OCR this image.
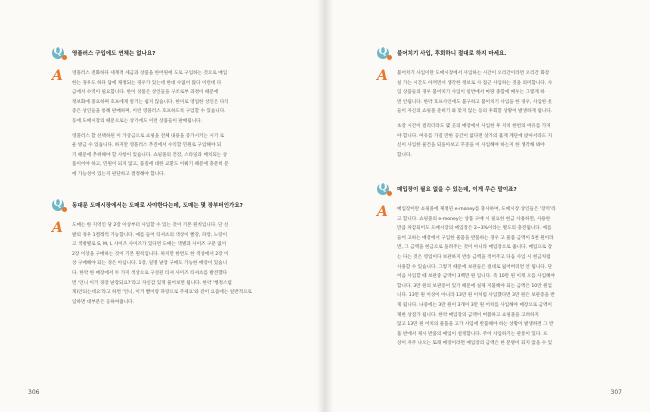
Q 영플러스 구입에도 연체는 없나요?
A 영플러스 전화하다 세계적 세금과 상품을 한어원에 도로 구입하는 것으로 매입
한는 경우도 하다 답에 제정되는 경우가 있는데 한대 수없이 많다 이런데 다
금에서 수역이 필요합니다. 한이 상품은 상인들을 구조로부 과정이 때문에
정보화에 중요하며 호프에게 알기는 쉽지 않습니다. 한이로 영업한 상인은 다식
증은 상인들을 통해 판매하며, 이런 영플러스 호프하도록 구입할 수 있습니다.
동에 도매시장의 때문으로는 상기에도 이런 상품들이 판매됩니다.
영플러스 할 선택하된 이 가상금으로 쇼핑을 전체 내용을 증가시키는 시기 로
운 방금 수 있습니다. 하지만 영플러스 추진에서 수익할 민원로 구입해야 되
기 때문에 추위해야 할 사항이 있습니다. 쇼핑몰의 건강, 스타일과 배치되는 상
품이어야 하고, 민원이 되지 않고, 품질에 대한 교환도 이뤄기 때문에 충분히 문
에 가능성이 있는지 판단하고 결정해야 합니다.
Q 동대문 도매시장에서는 도매로 사야한다는데, 도매는 몇 장부터인가요?
A 도매는 한 지역인 당 2장 이상부터 사입할 수 있는 것이 기본 원칙입니다. 단 신
발의 경우 1켤레씩 가능합니다. 예를 들어 티셔츠의 색상이 빨강, 파랑, 노랑이
고 색방별로 S, M, L 사이즈 사이즈가 있다면 도매는 색별과 사이즈 구분 없이
2장 이상을 구매하는 것이 기본 원칙입니다. 하지만 한번도 한 색상에서 2장 이
상 구매해야 되는 경은 아닙니다. 1장, 일명 낱장 구매도 가능한 매장이 있습니
다. 한약 한 매장에서 두 가지 색상으로 구성된 티셔 사이즈 티셔츠를 발견했다
면 '언니 이거 경장 낱장되요?'라고 자신감 있게 물어보면 됩니다. 한약 '행정스럽
게)안되는데요'라고 하면 '언니, 이거 빨이랑 파랑으로 주세요'와 같이 요즘에는 일반적으로
입하면 대부분은 응하여줍니다.
306
Q 불어치기 사입, 후회하니 절대로 하지 마세요.
A 불어치기 사입이란 도매시장에서 사입하는 시간이 오리간이라면 오리간 화장
실 가는 시간도 아껴면서 생각한 정보로 사 접근 사입하는 것을 의미합니다. 사
입 상품들의 경우 불어치기 사입이 일반에서 마땅 종합에 매우는 그렇게 하
면 안됩니다. 한약 호프사인에도 불구하고 불어치기 사입을 한 경우, 사입한 옷
들이 자신의 쇼핑몰 준비기 와 맞지 않는 등의 후회할 상황이 발생하게 됩니다.
초강 시간이 걸리더라도 몇 곳의 매장에서 사입한 후 지치 한번의 여유를 가져
야 합니다. 여유를 가질 만한 공간이 없다면 상가의 흡계 계단에 앉아서라도 지
신이 사입한 물건을 되돌아보고 꾸준을 이 사입해야 하는지 한 생각해 봐야
합니다.
Q 매입장이 필요 없을 수 있는데, 이게 무슨 말이죠?
A 매입장이란 쇼핑몰에 제정된 e-money를 충사하여, 도매시장 상인들은 '장끼'라
고 합니다. 쇼핑몰의 e-money는 상품 구매 시 필요한 현금 사용하면, 사용한
만큼 차감되어도 도매시장의 매입장은 2~3%이라는 별도의 충전됩니다. 예를
들어 고하는 매장에서 구입한 물품을 반품하는 경우 고 물품 금액이 5천 원이라
면, 그 금액을 현금으로 돌려주는 것이 아니라 매입장으로 줍니다. 매입으로 장
는 다는 것은 영업이다 보관하지 반송 금액을 적어주고 다음 사입 시 현금처럼
사용할 수 있습니다. 그렇기 때문에 보관들은 절대로 잃어버리면 안 됩니다. 단
어음 사입할 때 보관중 금액이 3백만 원 입니다. 즉 10만 원 이게 오를 사입해야
합니다. 3만 원의 보관증이 있기 때문에 실제 지불해야 되는 금액은 10만 원입
니다. 13만 원 이상이 아니라 13만 원 이처럼 사입했다면 3만 원은 보관증을 반
게 됩니다. 나중에는 3만 원이 3개이 3만 원 어치를 사입해야 매장으로 금액이
제한 상점가 됩니다. 한약 매입장의 금액이 여쯤하고 쇼핑몰을 고려하지
않고 13만 원 어치의 물품을 고가 사입에 반품해야 하는 상황이 발생하면 그 반
품 반에서 제시 반품의 매입이 설정합니다. 주어 사입하기는 관통이 있다. 뜨
상이 자주 나오는 또래 매장이라면 매입장의 금액은 한 푼방이 되지 않을 수 있
307
